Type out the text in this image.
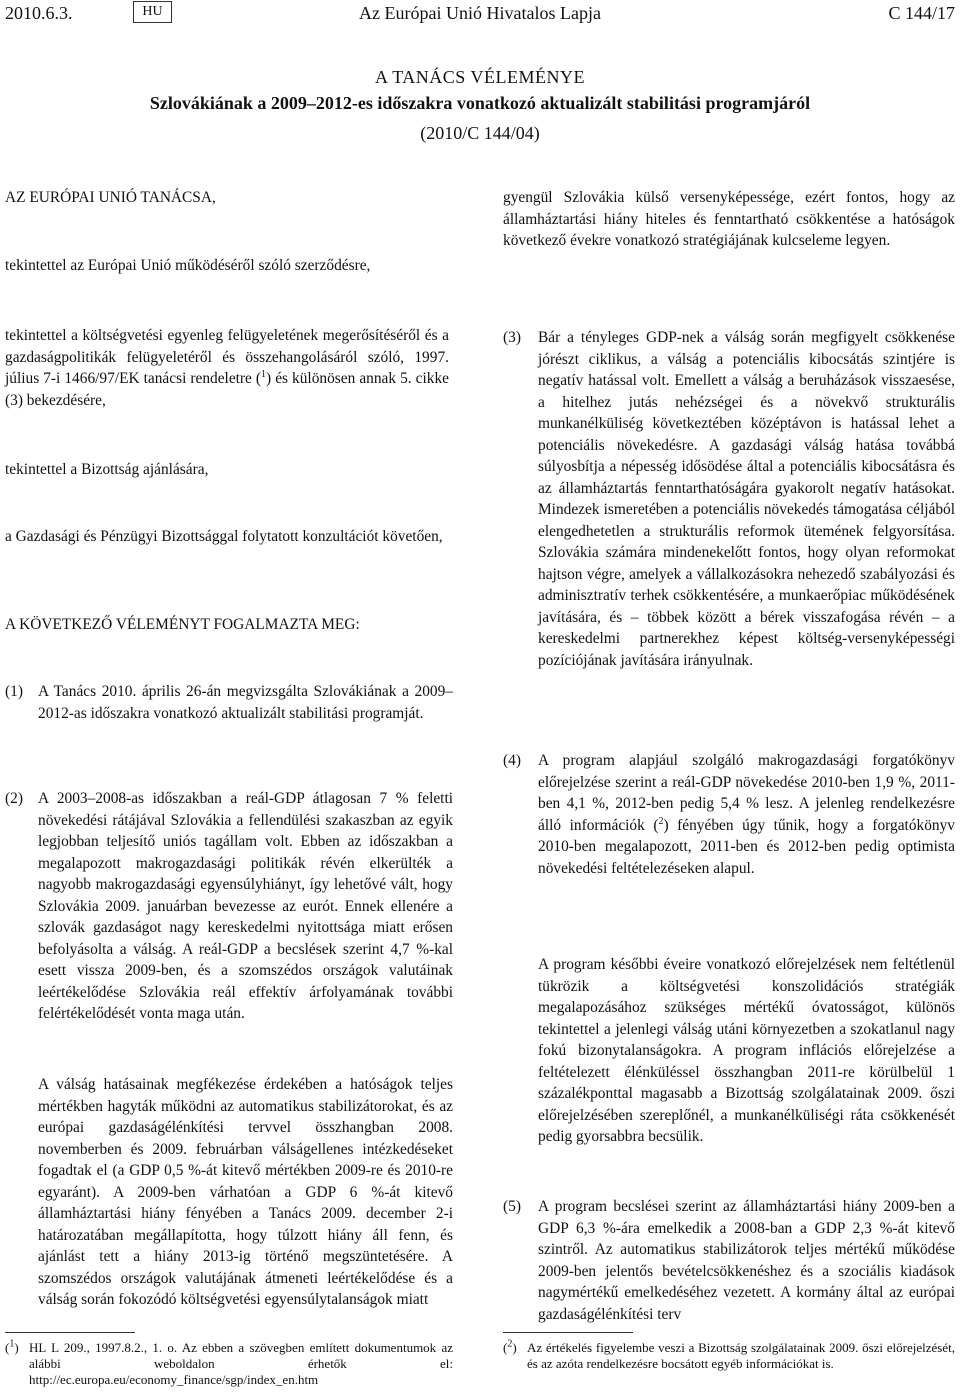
2010.6.3.	HU	Az Európai Unió Hivatalos Lapja	C 144/17
A TANÁCS VÉLEMÉNYE
Szlovákiának a 2009–2012-es időszakra vonatkozó aktualizált stabilitási programjáról
(2010/C 144/04)

AZ EURÓPAI UNIÓ TANÁCSA,

tekintettel az Európai Unió működéséről szóló szerződésre,

tekintettel a költségvetési egyenleg felügyeletének megerősítéséről és a gazdaságpolitikák felügyeletéről és összehangolásáról szóló, 1997. július 7-i 1466/97/EK tanácsi rendeletre ($^1$) és különösen annak 5. cikke (3) bekezdésére,

tekintettel a Bizottság ajánlására,

a Gazdasági és Pénzügyi Bizottsággal folytatott konzultációt követően,

A KÖVETKEZŐ VÉLEMÉNYT FOGALMAZTA MEG:

(1) A Tanács 2010. április 26-án megvizsgálta Szlovákiának a 2009–2012-as időszakra vonatkozó aktualizált stabilitási programját.

(2) A 2003–2008-as időszakban a reál-GDP átlagosan 7 % feletti növekedési rátájával Szlovákia a fellendülési szakaszban az egyik legjobban teljesítő uniós tagállam volt. Ebben az időszakban a megalapozott makrogazdasági politikák révén elkerülték a nagyobb makrogazdasági egyensúlyhiányt, így lehetővé vált, hogy Szlovákia 2009. januárban bevezesse az eurót. Ennek ellenére a szlovák gazdaságot nagy kereskedelmi nyitottsága miatt erősen befolyásolta a válság. A reál-GDP a becslések szerint 4,7 %-kal esett vissza 2009-ben, és a szomszédos országok valutáinak leértékelődése Szlovákia reál effektív árfolyamának további felértékelődését vonta maga után.

A válság hatásainak megfékezése érdekében a hatóságok teljes mértékben hagyták működni az automatikus stabilizátorokat, és az európai gazdaságélénkítési tervvel összhangban 2008. novemberben és 2009. februárban válságellenes intézkedéseket fogadtak el (a GDP 0,5 %-át kitevő mértékben 2009-re és 2010-re egyaránt). A 2009-ben várhatóan a GDP 6 %-át kitevő államháztartási hiány fényében a Tanács 2009. december 2-i határozatában megállapította, hogy túlzott hiány áll fenn, és ajánlást tett a hiány 2013-ig történő megszüntetésére. A szomszédos országok valutájának átmeneti leértékelődése és a válság során fokozódó költségvetési egyensúlytalanságok miatt

($^1$) HL L 209., 1997.8.2., 1. o. Az ebben a szövegben említett dokumentumok az alábbi weboldalon érhetők el: http://ec.europa.eu/economy_finance/sgp/index_en.htm

gyengül Szlovákia külső versenyképessége, ezért fontos, hogy az államháztartási hiány hiteles és fenntartható csökkentése a hatóságok következő évekre vonatkozó stratégiájának kulcseleme legyen.

(3) Bár a tényleges GDP-nek a válság során megfigyelt csökkenése jórészt ciklikus, a válság a potenciális kibocsátás szintjére is negatív hatással volt. Emellett a válság a beruházások visszaesése, a hitelhez jutás nehézségei és a növekvő strukturális munkanélküliség következtében középtávon is hatással lehet a potenciális növekedésre. A gazdasági válság hatása továbbá súlyosbítja a népesség idősödése által a potenciális kibocsátásra és az államháztartás fenntarthatóságára gyakorolt negatív hatásokat. Mindezek ismeretében a potenciális növekedés támogatása céljából elengedhetetlen a strukturális reformok ütemének felgyorsítása. Szlovákia számára mindenekelőtt fontos, hogy olyan reformokat hajtson végre, amelyek a vállalkozásokra nehezedő szabályozási és adminisztratív terhek csökkentésére, a munkaerőpiac működésének javítására, és – többek között a bérek visszafogása révén – a kereskedelmi partnerekhez képest költség-versenyképességi pozíciójának javítására irányulnak.

(4) A program alapjául szolgáló makrogazdasági forgatókönyv előrejelzése szerint a reál-GDP növekedése 2010-ben 1,9 %, 2011-ben 4,1 %, 2012-ben pedig 5,4 % lesz. A jelenleg rendelkezésre álló információk ($^2$) fényében úgy tűnik, hogy a forgatókönyv 2010-ben megalapozott, 2011-ben és 2012-ben pedig optimista növekedési feltételezéseken alapul.

A program későbbi éveire vonatkozó előrejelzések nem feltétlenül tükrözik a költségvetési konszolidációs stratégiák megalapozásához szükséges mértékű óvatosságot, különös tekintettel a jelenlegi válság utáni környezetben a szokatlanul nagy fokú bizonytalanságokra. A program inflációs előrejelzése a feltételezett élénküléssel összhangban 2011-re körülbelül 1 százalékponttal magasabb a Bizottság szolgálatainak 2009. őszi előrejelzésében szereplőnél, a munkanélküliségi ráta csökkenését pedig gyorsabbra becsülik.

(5) A program becslései szerint az államháztartási hiány 2009-ben a GDP 6,3 %-ára emelkedik a 2008-ban a GDP 2,3 %-át kitevő szintről. Az automatikus stabilizátorok teljes mértékű működése 2009-ben jelentős bevételcsökkenéshez és a szociális kiadások nagymértékű emelkedéséhez vezetett. A kormány által az európai gazdaságélénkítési terv

($^2$) Az értékelés figyelembe veszi a Bizottság szolgálatainak 2009. őszi előrejelzését, és az azóta rendelkezésre bocsátott egyéb információkat is.
